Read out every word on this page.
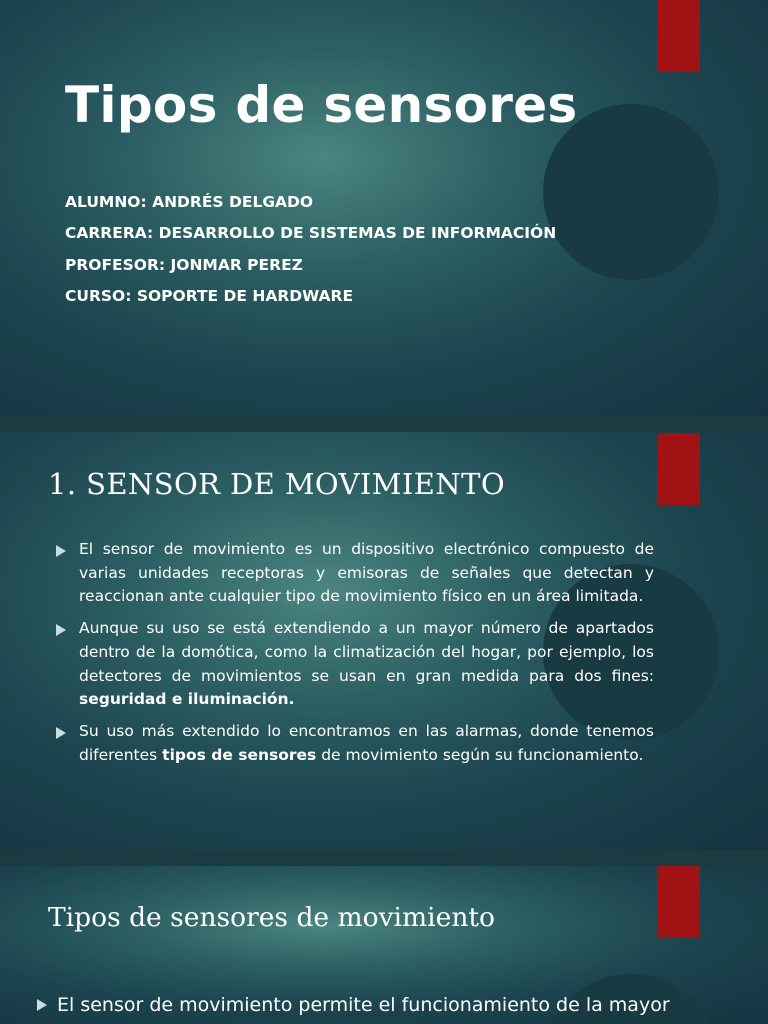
Tipos de sensores
ALUMNO: ANDRÉS DELGADO
CARRERA: DESARROLLO DE SISTEMAS DE INFORMACIÓN
PROFESOR: JONMAR PEREZ
CURSO: SOPORTE DE HARDWARE
1. SENSOR DE MOVIMIENTO
El sensor de movimiento es un dispositivo electrónico compuesto de varias unidades receptoras y emisoras de señales que detectan y reaccionan ante cualquier tipo de movimiento físico en un área limitada.
Aunque su uso se está extendiendo a un mayor número de apartados dentro de la domótica, como la climatización del hogar, por ejemplo, los detectores de movimientos se usan en gran medida para dos fines: seguridad e iluminación.
Su uso más extendido lo encontramos en las alarmas, donde tenemos diferentes tipos de sensores de movimiento según su funcionamiento.
Tipos de sensores de movimiento
El sensor de movimiento permite el funcionamiento de la mayor
